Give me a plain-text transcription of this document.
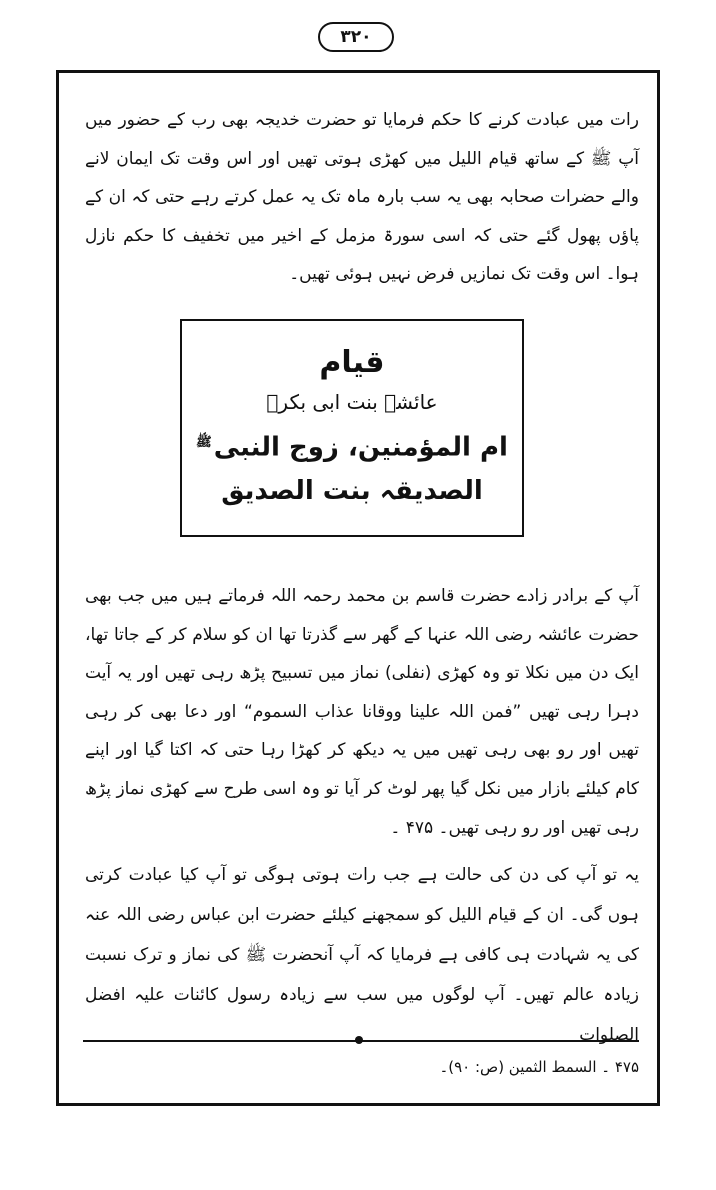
۳۲۰

رات میں عبادت کرنے کا حکم فرمایا تو حضرت خدیجہ بھی رب کے حضور میں آپ ﷺ کے ساتھ قیام اللیل میں کھڑی ہوتی تھیں اور اس وقت تک ایمان لانے والے حضرات صحابہ بھی یہ سب بارہ ماہ تک یہ عمل کرتے رہے حتی کہ ان کے پاؤں پھول گئے حتی کہ اسی سورۃ مزمل کے اخیر میں تخفیف کا حکم نازل ہوا۔ اس وقت تک نمازیں فرض نہیں ہوئی تھیں۔

قیام
عائشہ بنت ابی بکرؓ
ام المؤمنین، زوج النبی$^ﷺ$
الصدیقہ بنت الصدیق

آپ کے برادر زادے حضرت قاسم بن محمد رحمہ اللہ فرماتے ہیں میں جب بھی حضرت عائشہ رضی اللہ عنہا کے گھر سے گذرتا تھا ان کو سلام کر کے جاتا تھا، ایک دن میں نکلا تو وہ کھڑی (نفلی) نماز میں تسبیح پڑھ رہی تھیں اور یہ آیت دہرا رہی تھیں ”فمن اللہ علینا ووقانا عذاب السموم“ اور دعا بھی کر رہی تھیں اور رو بھی رہی تھیں میں یہ دیکھ کر کھڑا رہا حتی کہ اکتا گیا اور اپنے کام کیلئے بازار میں نکل گیا پھر لوٹ کر آیا تو وہ اسی طرح سے کھڑی نماز پڑھ رہی تھیں اور رو رہی تھیں۔ ۴۷۵ ۔

یہ تو آپ کی دن کی حالت ہے جب رات ہوتی ہوگی تو آپ کیا عبادت کرتی ہوں گی۔ ان کے قیام اللیل کو سمجھنے کیلئے حضرت ابن عباس رضی اللہ عنہ کی یہ شہادت ہی کافی ہے فرمایا کہ آپ آنحضرت ﷺ کی نماز و ترک نسبت زیادہ عالم تھیں۔ آپ لوگوں میں سب سے زیادہ رسول کائنات علیہ افضل الصلوات

۴۷۵ ۔ السمط الثمین (ص: ۹۰)۔
